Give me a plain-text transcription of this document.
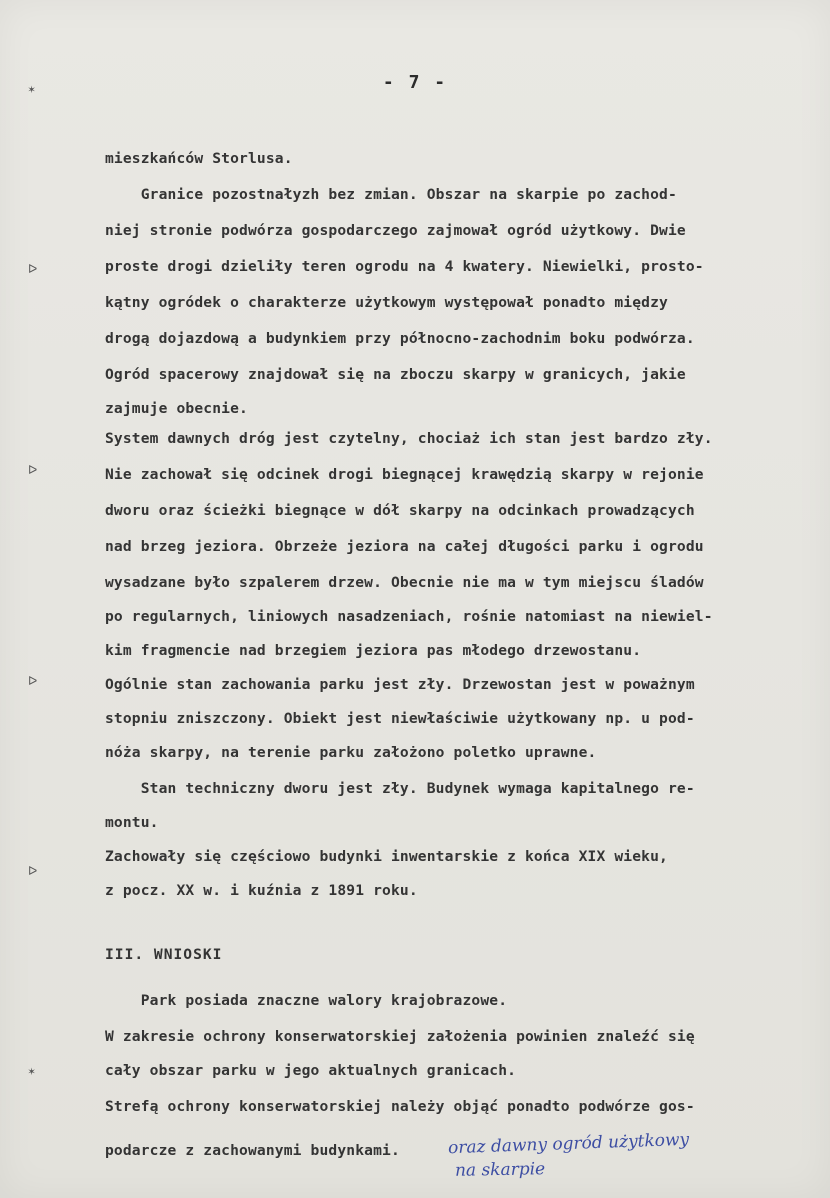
✶
ᐅ
ᐅ
ᐅ
ᐅ
✶
- 7 -
mieszkańców Storlusa.
Granice pozostnałyzh bez zmian. Obszar na skarpie po zachod-
niej stronie podwórza gospodarczego zajmował ogród użytkowy. Dwie
proste drogi dzieliły teren ogrodu na 4 kwatery. Niewielki, prosto-
kątny ogródek o charakterze użytkowym występował ponadto między
drogą dojazdową a budynkiem przy północno-zachodnim boku podwórza.
Ogród spacerowy znajdował się na zboczu skarpy w granicych, jakie
zajmuje obecnie.
System dawnych dróg jest czytelny, chociaż ich stan jest bardzo zły.
Nie zachował się odcinek drogi biegnącej krawędzią skarpy w rejonie
dworu oraz ścieżki biegnące w dół skarpy na odcinkach prowadzących
nad brzeg jeziora. Obrzeże jeziora na całej długości parku i ogrodu
wysadzane było szpalerem drzew. Obecnie nie ma w tym miejscu śladów
po regularnych, liniowych nasadzeniach, rośnie natomiast na niewiel-
kim fragmencie nad brzegiem jeziora pas młodego drzewostanu.
Ogólnie stan zachowania parku jest zły. Drzewostan jest w poważnym
stopniu zniszczony. Obiekt jest niewłaściwie użytkowany np. u pod-
nóża skarpy, na terenie parku założono poletko uprawne.
Stan techniczny dworu jest zły. Budynek wymaga kapitalnego re-
montu.
Zachowały się częściowo budynki inwentarskie z końca XIX wieku,
z pocz. XX w. i kuźnia z 1891 roku.
III. WNIOSKI
Park posiada znaczne walory krajobrazowe.
W zakresie ochrony konserwatorskiej założenia powinien znaleźć się
cały obszar parku w jego aktualnych granicach.
Strefą ochrony konserwatorskiej należy objąć ponadto podwórze gos-
podarcze z zachowanymi budynkami.	oraz dawny ogród użytkowy
na skarpie
